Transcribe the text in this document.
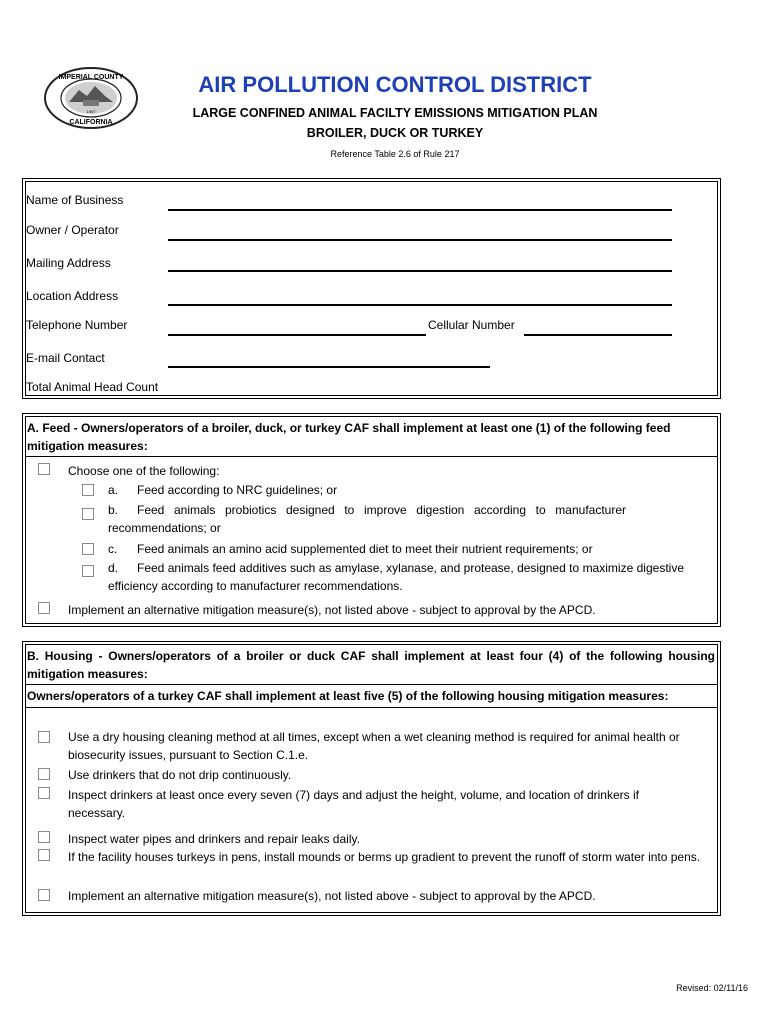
IMPERIAL COUNTY
1907
CALIFORNIA
AIR POLLUTION CONTROL DISTRICT
LARGE CONFINED ANIMAL FACILTY EMISSIONS MITIGATION PLAN
BROILER, DUCK OR TURKEY
Reference Table 2.6 of Rule 217
Name of Business
Owner / Operator
Mailing Address
Location Address
Telephone Number	Cellular Number
E-mail Contact
Total Animal Head Count
A. Feed - Owners/operators of a broiler, duck, or turkey CAF shall implement at least one (1) of the following feed mitigation measures:
Choose one of the following:
a. Feed according to NRC guidelines; or
b.	Feed animals probiotics designed to improve digestion according to manufacturer recommendations; or
c. Feed animals an amino acid supplemented diet to meet their nutrient requirements; or
d.	Feed animals feed additives such as amylase, xylanase, and protease, designed to maximize digestive efficiency according to manufacturer recommendations.
Implement an alternative mitigation measure(s), not listed above - subject to approval by the APCD.
B. Housing - Owners/operators of a broiler or duck CAF shall implement at least four (4) of the following housing mitigation measures:
Owners/operators of a turkey CAF shall implement at least five (5) of the following housing mitigation measures:
Use a dry housing cleaning method at all times, except when a wet cleaning method is required for animal health or biosecurity issues, pursuant to Section C.1.e.
Use drinkers that do not drip continuously.
Inspect drinkers at least once every seven (7) days and adjust the height, volume, and location of drinkers if necessary.
Inspect water pipes and drinkers and repair leaks daily.
If the facility houses turkeys in pens, install mounds or berms up gradient to prevent the runoff of storm water into pens.
Implement an alternative mitigation measure(s), not listed above - subject to approval by the APCD.
Revised: 02/11/16
